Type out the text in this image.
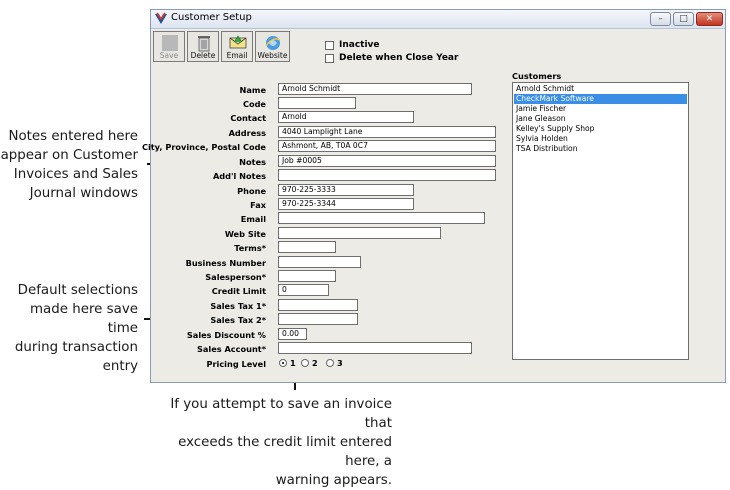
Notes entered here
appear on Customer
Invoices and Sales
Journal windows
Default selections
made here save time
during transaction
entry
If you attempt to save an invoice that
exceeds the credit limit entered here, a
warning appears.
Customer Setup	–	□	✕
Save	Delete	Email	Website
Inactive
Delete when Close Year
Name	Arnold Schmidt
Code
Contact	Arnold
Address	4040 Lamplight Lane
City, Province, Postal Code	Ashmont, AB, T0A 0C7
Notes	Job #0005
Add'l Notes
Phone	970-225-3333
Fax	970-225-3344
Email
Web Site
Terms*
Business Number
Salesperson*
Credit Limit	0
Sales Tax 1*
Sales Tax 2*
Sales Discount %	0.00
Sales Account*
Pricing Level	1 2 3
Customers
Arnold Schmidt
CheckMark Software
Jamie Fischer
Jane Gleason
Kelley's Supply Shop
Sylvia Holden
TSA Distribution
